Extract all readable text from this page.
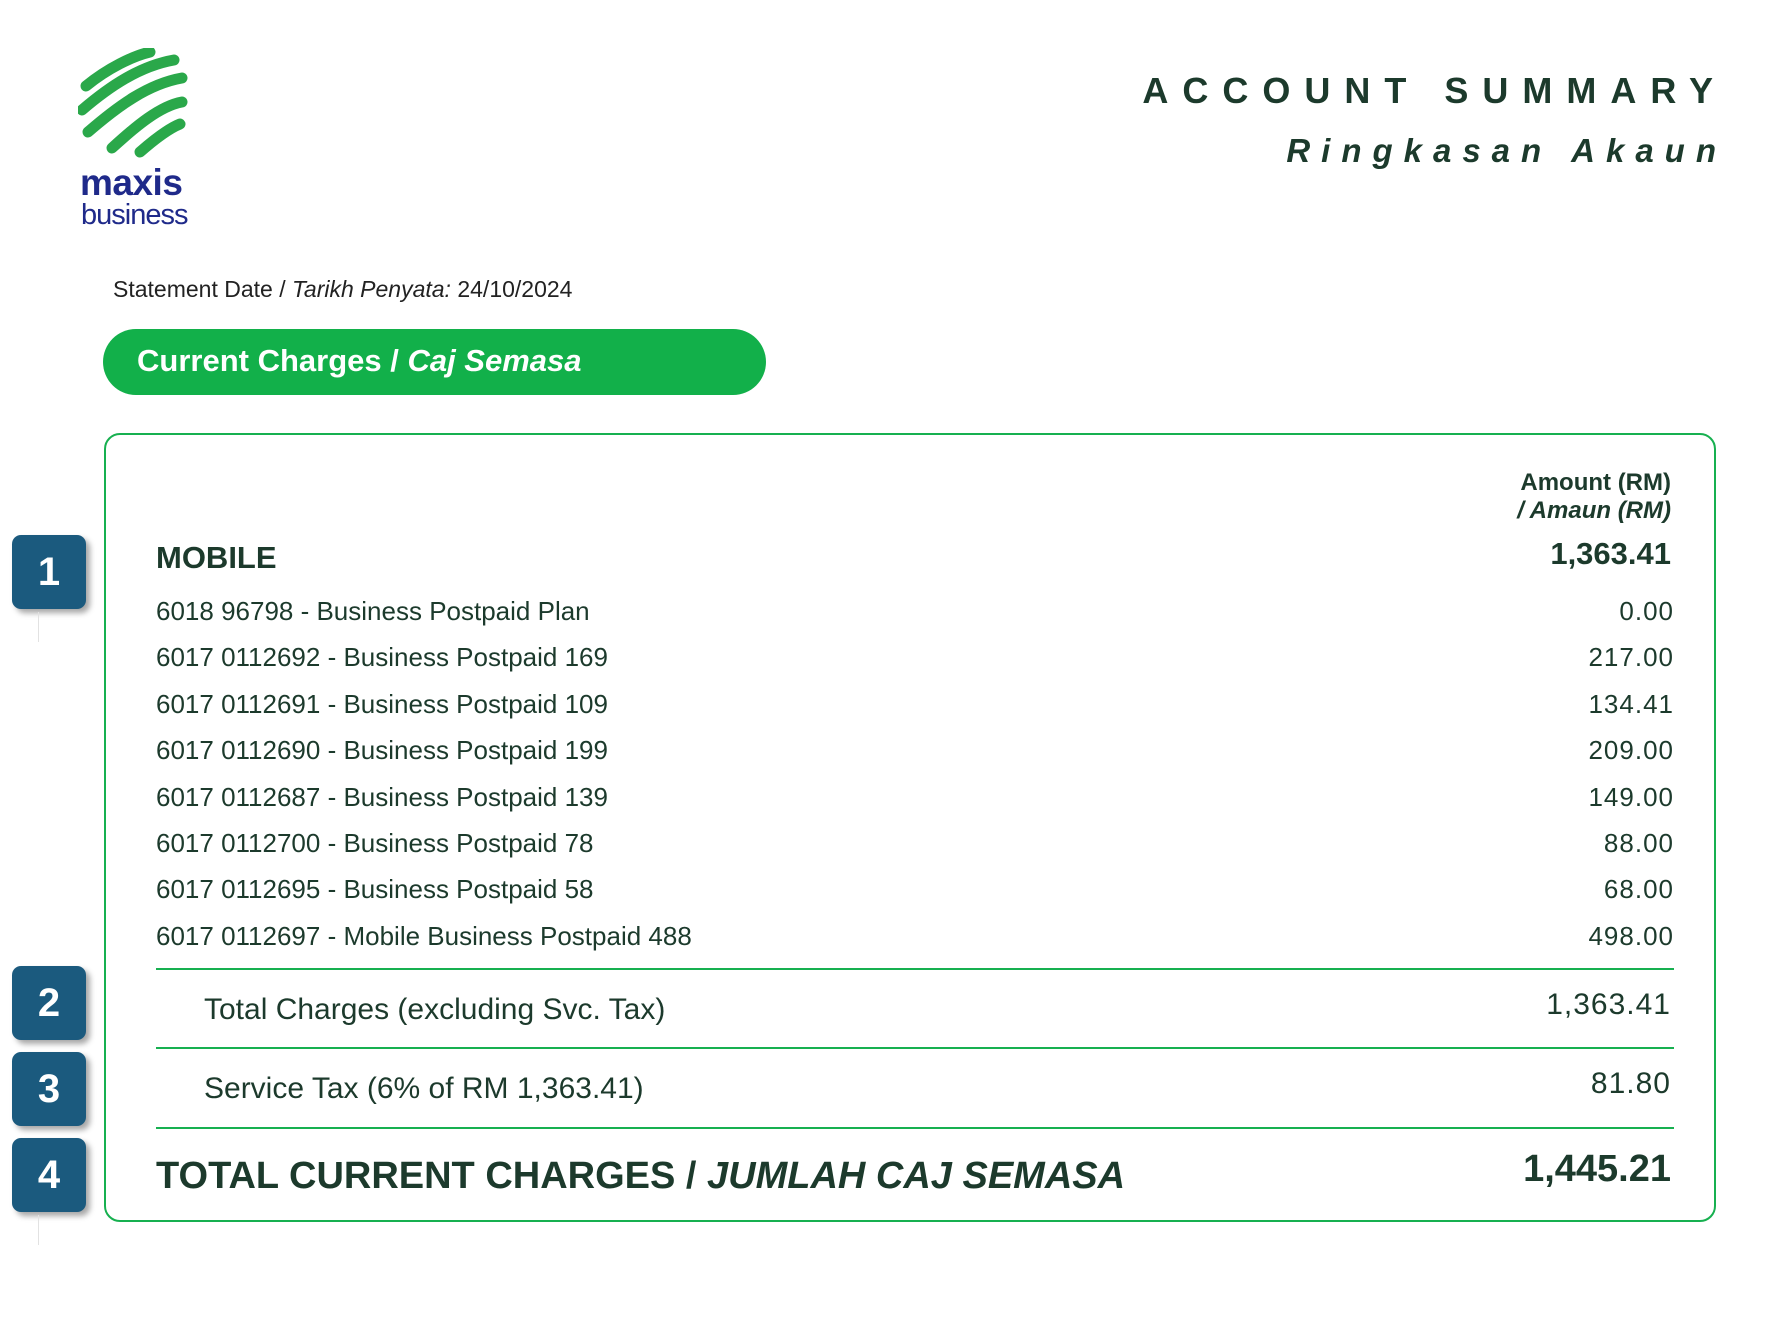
maxis
business
ACCOUNT SUMMARY
Ringkasan Akaun
Statement Date / Tarikh Penyata: 24/10/2024
Current Charges / Caj Semasa
Amount (RM)
/ Amaun (RM)
MOBILE	1,363.41
6018 96798 - Business Postpaid Plan	0.00
6017 0112692 - Business Postpaid 169	217.00
6017 0112691 - Business Postpaid 109	134.41
6017 0112690 - Business Postpaid 199	209.00
6017 0112687 - Business Postpaid 139	149.00
6017 0112700 - Business Postpaid 78	88.00
6017 0112695 - Business Postpaid 58	68.00
6017 0112697 - Mobile Business Postpaid 488	498.00
Total Charges (excluding Svc. Tax)	1,363.41
Service Tax (6% of RM 1,363.41)	81.80
TOTAL CURRENT CHARGES / JUMLAH CAJ SEMASA	1,445.21
1
2
3
4
